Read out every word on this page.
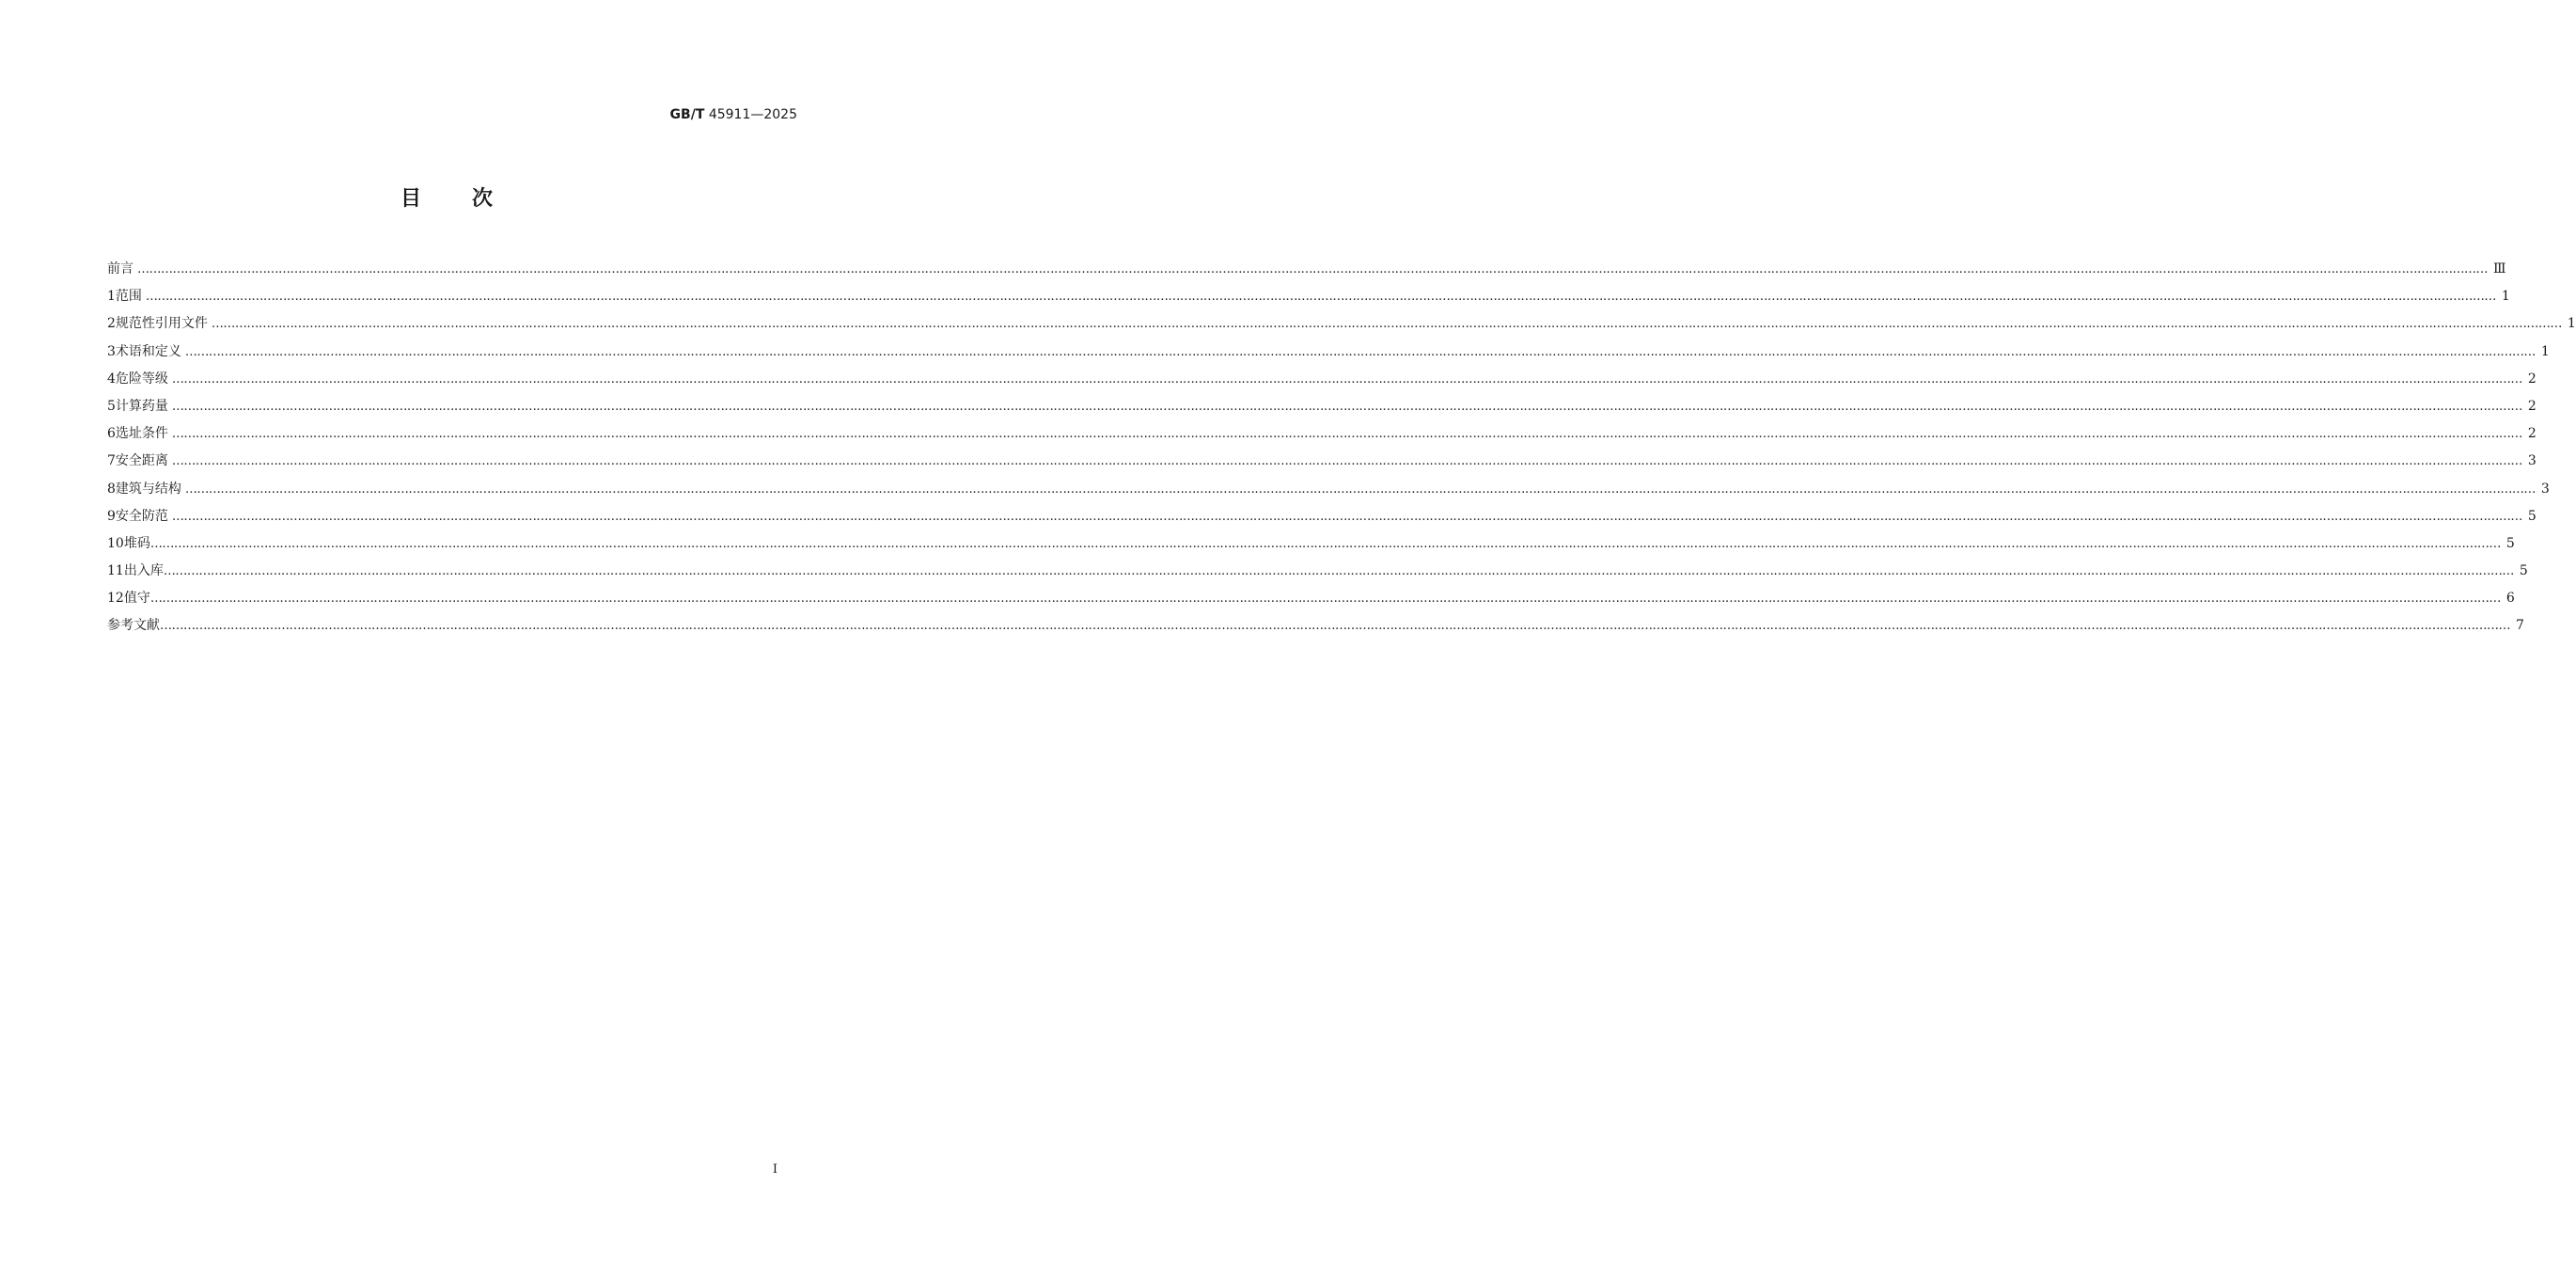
GB/T 45911—2025
目 次
前言 …………………………………………………………………………………………………………………………………………………………………………………………………………………………………………………………………………………………………………………………………………………………………………………………………………………………………………………………………………………………………………………………………………………… Ⅲ
1 范围 …………………………………………………………………………………………………………………………………………………………………………………………………………………………………………………………………………………………………………………………………………………………………………………………………………………………………………………………………………………………………………………………………………………… 1
2 规范性引用文件 …………………………………………………………………………………………………………………………………………………………………………………………………………………………………………………………………………………………………………………………………………………………………………………………………………………………………………………………………………………………………………………………………………………… 1
3 术语和定义 …………………………………………………………………………………………………………………………………………………………………………………………………………………………………………………………………………………………………………………………………………………………………………………………………………………………………………………………………………………………………………………………………………………… 1
4 危险等级 …………………………………………………………………………………………………………………………………………………………………………………………………………………………………………………………………………………………………………………………………………………………………………………………………………………………………………………………………………………………………………………………………………………… 2
5 计算药量 …………………………………………………………………………………………………………………………………………………………………………………………………………………………………………………………………………………………………………………………………………………………………………………………………………………………………………………………………………………………………………………………………………………… 2
6 选址条件 …………………………………………………………………………………………………………………………………………………………………………………………………………………………………………………………………………………………………………………………………………………………………………………………………………………………………………………………………………………………………………………………………………………… 2
7 安全距离 …………………………………………………………………………………………………………………………………………………………………………………………………………………………………………………………………………………………………………………………………………………………………………………………………………………………………………………………………………………………………………………………………………………… 3
8 建筑与结构 …………………………………………………………………………………………………………………………………………………………………………………………………………………………………………………………………………………………………………………………………………………………………………………………………………………………………………………………………………………………………………………………………………………… 3
9 安全防范 …………………………………………………………………………………………………………………………………………………………………………………………………………………………………………………………………………………………………………………………………………………………………………………………………………………………………………………………………………………………………………………………………………………… 5
10 堆码 …………………………………………………………………………………………………………………………………………………………………………………………………………………………………………………………………………………………………………………………………………………………………………………………………………………………………………………………………………………………………………………………………………………… 5
11 出入库 …………………………………………………………………………………………………………………………………………………………………………………………………………………………………………………………………………………………………………………………………………………………………………………………………………………………………………………………………………………………………………………………………………………… 5
12 值守 …………………………………………………………………………………………………………………………………………………………………………………………………………………………………………………………………………………………………………………………………………………………………………………………………………………………………………………………………………………………………………………………………………………… 6
参考文献 …………………………………………………………………………………………………………………………………………………………………………………………………………………………………………………………………………………………………………………………………………………………………………………………………………………………………………………………………………………………………………………………………………………… 7
I
